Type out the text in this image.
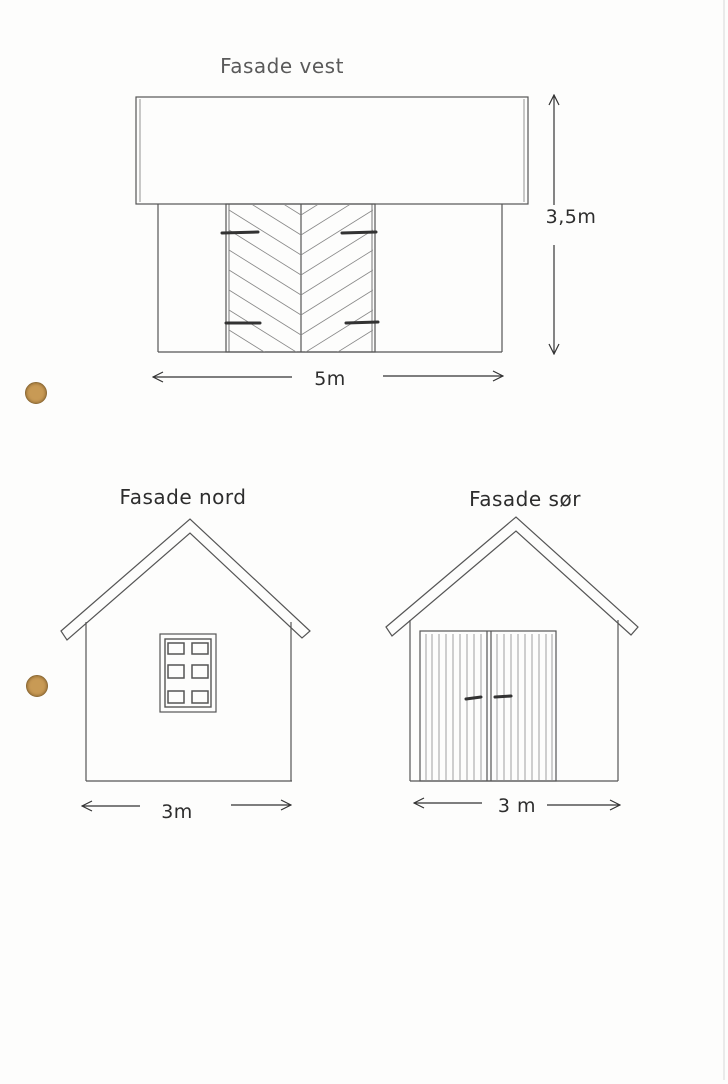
Fasade vest
3,5m
5m
Fasade nord
3m
Fasade sør
3 m
